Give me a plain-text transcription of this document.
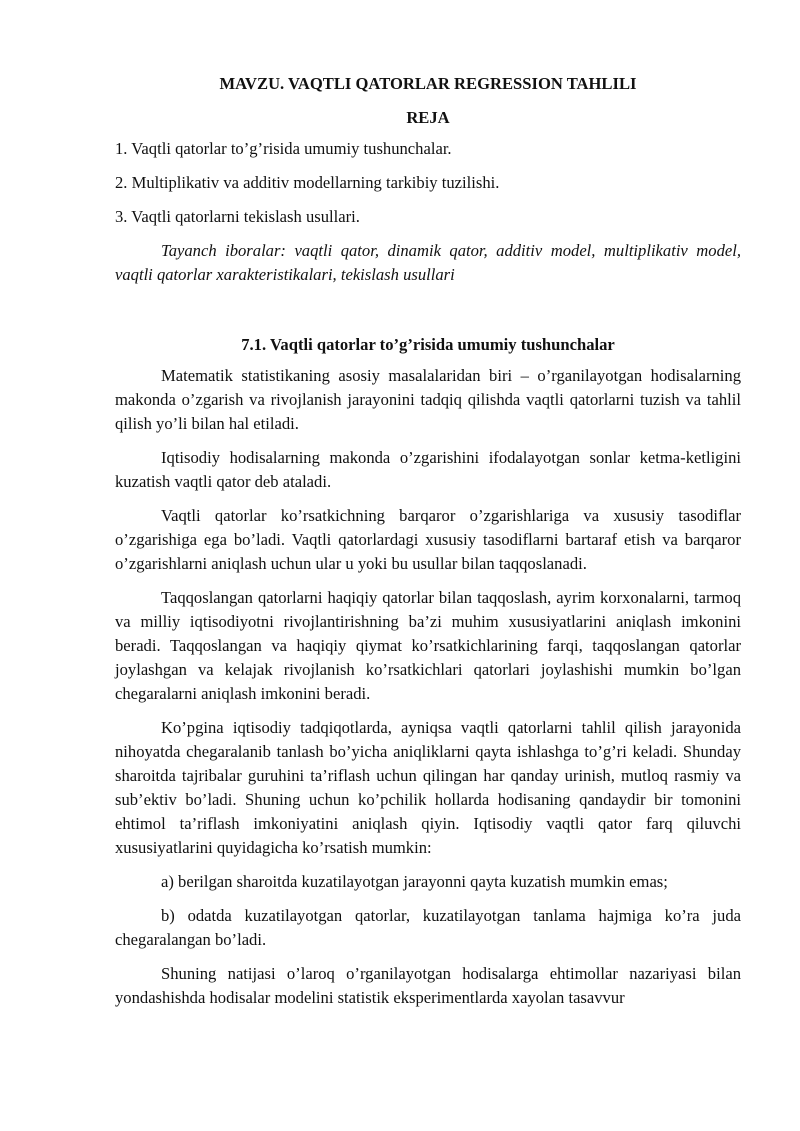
MAVZU. VAQTLI QATORLAR REGRESSION TAHLILI

REJA

1. Vaqtli qatorlar to’g’risida umumiy tushunchalar.

2. Multiplikativ va additiv modellarning tarkibiy tuzilishi.

3. Vaqtli qatorlarni tekislash usullari.

Tayanch iboralar: vaqtli qator, dinamik qator, additiv model, multiplikativ model, vaqtli qatorlar xarakteristikalari, tekislash usullari

7.1. Vaqtli qatorlar to’g’risida umumiy tushunchalar

Matematik statistikaning asosiy masalalaridan biri – o’rganilayotgan hodisalarning makonda o’zgarish va rivojlanish jarayonini tadqiq qilishda vaqtli qatorlarni tuzish va tahlil qilish yo’li bilan hal etiladi.

Iqtisodiy hodisalarning makonda o’zgarishini ifodalayotgan sonlar ketma-ketligini kuzatish vaqtli qator deb ataladi.

Vaqtli qatorlar ko’rsatkichning barqaror o’zgarishlariga va xususiy tasodiflar o’zgarishiga ega bo’ladi. Vaqtli qatorlardagi xususiy tasodiflarni bartaraf etish va barqaror o’zgarishlarni aniqlash uchun ular u yoki bu usullar bilan taqqoslanadi.

Taqqoslangan qatorlarni haqiqiy qatorlar bilan taqqoslash, ayrim korxonalarni, tarmoq va milliy iqtisodiyotni rivojlantirishning ba’zi muhim xususiyatlarini aniqlash imkonini beradi. Taqqoslangan va haqiqiy qiymat ko’rsatkichlarining farqi, taqqoslangan qatorlar joylashgan va kelajak rivojlanish ko’rsatkichlari qatorlari joylashishi mumkin bo’lgan chegaralarni aniqlash imkonini beradi.

Ko’pgina iqtisodiy tadqiqotlarda, ayniqsa vaqtli qatorlarni tahlil qilish jarayonida nihoyatda chegaralanib tanlash bo’yicha aniqliklarni qayta ishlashga to’g’ri keladi. Shunday sharoitda tajribalar guruhini ta’riflash uchun qilingan har qanday urinish, mutloq rasmiy va sub’ektiv bo’ladi. Shuning uchun ko’pchilik hollarda hodisaning qandaydir bir tomonini ehtimol ta’riflash imkoniyatini aniqlash qiyin. Iqtisodiy vaqtli qator farq qiluvchi xususiyatlarini quyidagicha ko’rsatish mumkin:

a) berilgan sharoitda kuzatilayotgan jarayonni qayta kuzatish mumkin emas;

b) odatda kuzatilayotgan qatorlar, kuzatilayotgan tanlama hajmiga ko’ra juda chegaralangan bo’ladi.

Shuning natijasi o’laroq o’rganilayotgan hodisalarga ehtimollar nazariyasi bilan yondashishda hodisalar modelini statistik eksperimentlarda xayolan tasavvur
